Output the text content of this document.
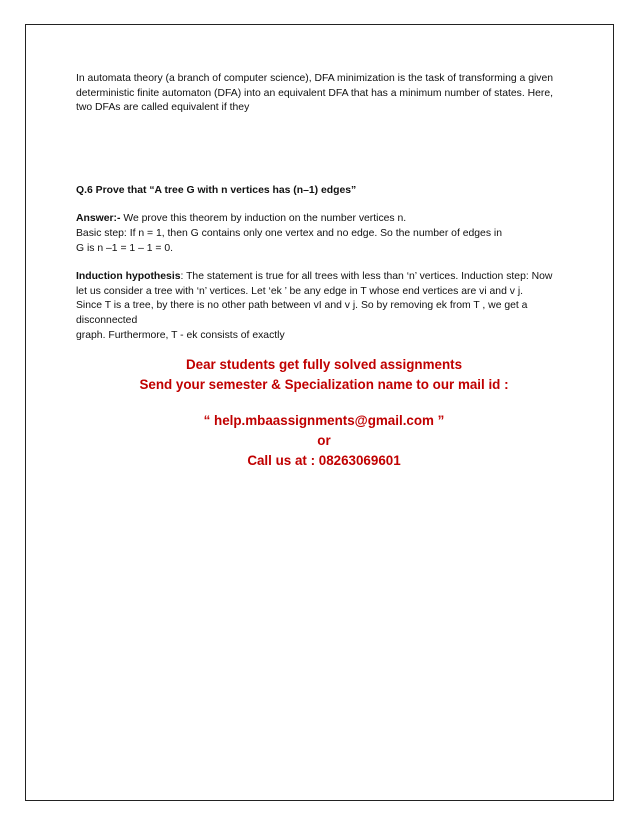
In automata theory (a branch of computer science), DFA minimization is the task of transforming a given

deterministic finite automaton (DFA) into an equivalent DFA that has a minimum number of states. Here,

two DFAs are called equivalent if they

Q.6 Prove that “A tree G with n vertices has (n–1) edges”

Answer:- We prove this theorem by induction on the number vertices n.

Basic step: If n = 1, then G contains only one vertex and no edge. So the number of edges in

G is n –1 = 1 – 1 = 0.

Induction hypothesis: The statement is true for all trees with less than ‘n’ vertices. Induction step: Now

let us consider a tree with ‘n’ vertices. Let ‘ek ’ be any edge in T whose end vertices are vi and v j.

Since T is a tree, by there is no other path between vI and v j. So by removing ek from T , we get a

disconnected

graph. Furthermore, T - ek consists of exactly

Dear students get fully solved assignments

Send your semester & Specialization name to our mail id :

“ help.mbaassignments@gmail.com ”

or

Call us at : 08263069601
